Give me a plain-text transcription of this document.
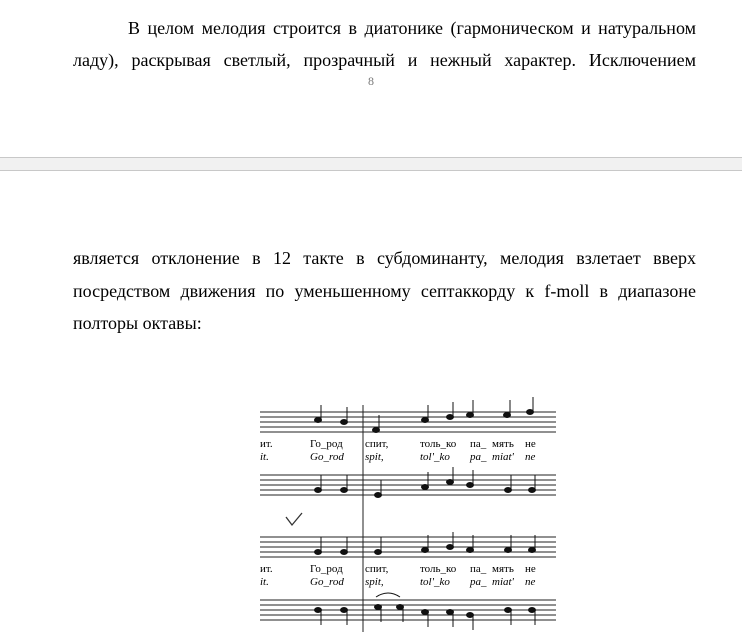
В целом мелодия строится в диатонике (гармоническом и натуральном
ладу), раскрывая светлый, прозрачный и нежный характер. Исключением
8
является отклонение в 12 такте в субдоминанту, мелодия взлетает вверх
посредством движения по уменьшенному септаккорду к f-moll в диапазоне
полторы октавы:
ит.	Го_род спит,	толь_ко па_ мять не
it.	Go_rod spit,	tol'_ko pa_ miat' ne
ит.	Го_род спит,	толь_ко па_ мять не
it.	Go_rod spit,	tol'_ko pa_ miat' ne
